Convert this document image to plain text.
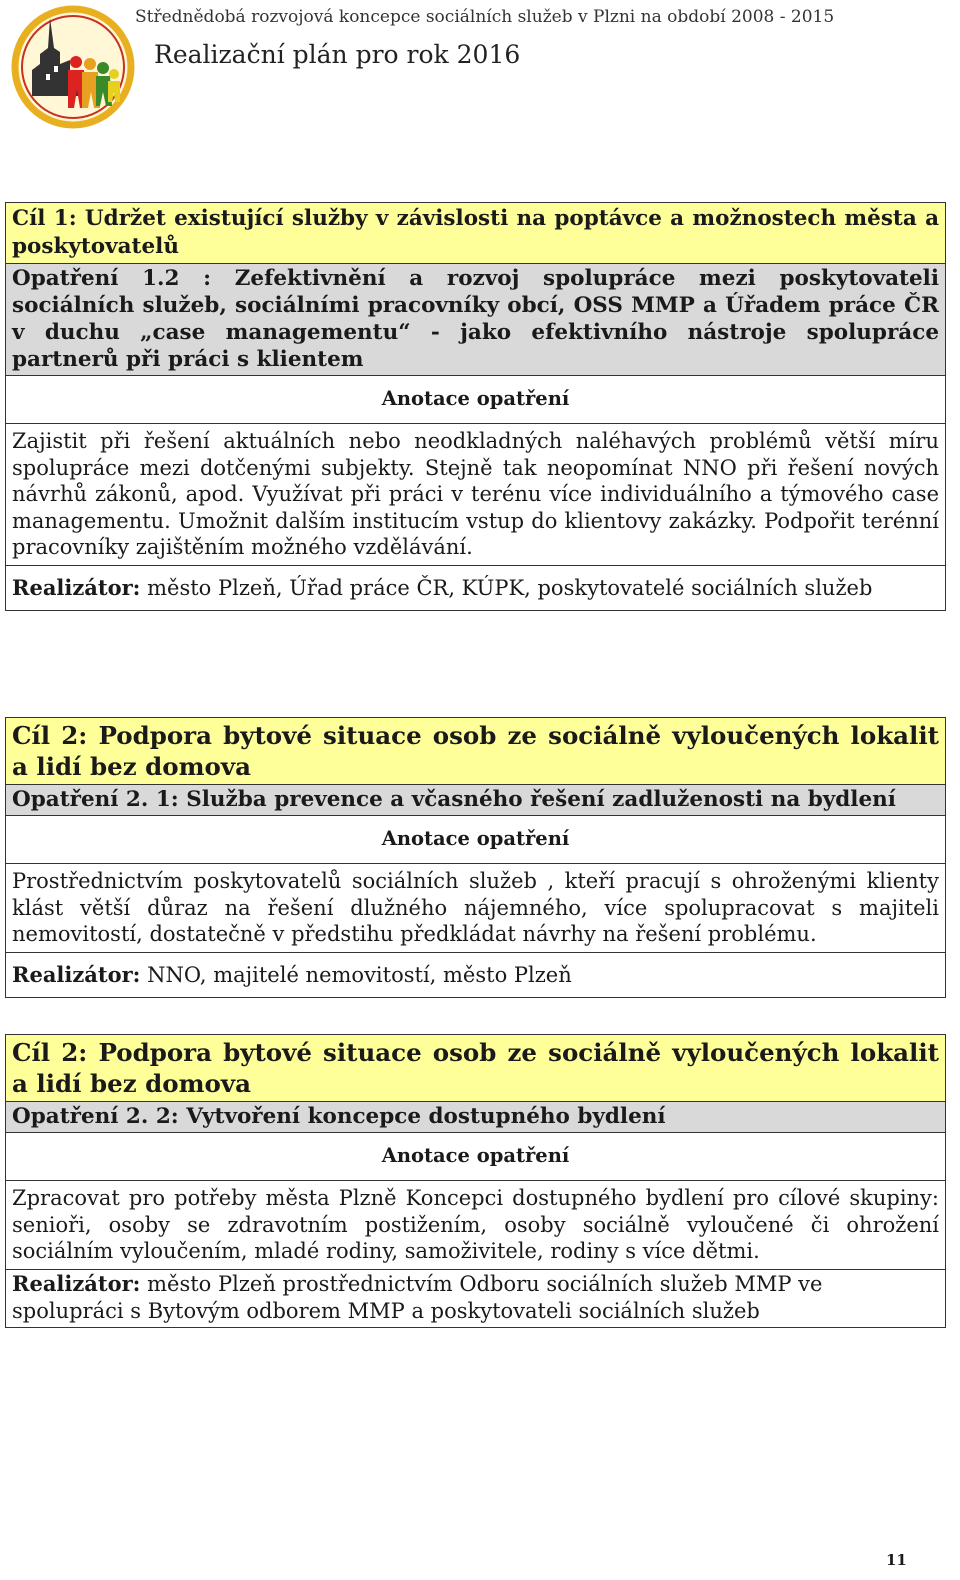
Střednědobá rozvojová koncepce sociálních služeb v Plzni na období 2008 - 2015
Realizační plán pro rok 2016
Cíl 1: Udržet existující služby v závislosti na poptávce a možnostech města a poskytovatelů
Opatření 1.2 : Zefektivnění a rozvoj spolupráce mezi poskytovateli sociálních služeb, sociálními pracovníky obcí, OSS MMP a Úřadem práce ČR v duchu „case managementu“ - jako efektivního nástroje spolupráce partnerů při práci s klientem
Anotace opatření
Zajistit při řešení aktuálních nebo neodkladných naléhavých problémů větší míru spolupráce mezi dotčenými subjekty. Stejně tak neopomínat NNO při řešení nových návrhů zákonů, apod. Využívat při práci v terénu více individuálního a týmového case managementu. Umožnit dalším institucím vstup do klientovy zakázky. Podpořit terénní pracovníky zajištěním možného vzdělávání.
Realizátor: město Plzeň, Úřad práce ČR, KÚPK, poskytovatelé sociálních služeb
Cíl 2: Podpora bytové situace osob ze sociálně vyloučených lokalit a lidí bez domova
Opatření 2. 1: Služba prevence a včasného řešení zadluženosti na bydlení
Anotace opatření
Prostřednictvím poskytovatelů sociálních služeb , kteří pracují s ohroženými klienty klást větší důraz na řešení dlužného nájemného, více spolupracovat s majiteli nemovitostí, dostatečně v předstihu předkládat návrhy na řešení problému.
Realizátor: NNO, majitelé nemovitostí, město Plzeň
Cíl 2: Podpora bytové situace osob ze sociálně vyloučených lokalit a lidí bez domova
Opatření 2. 2: Vytvoření koncepce dostupného bydlení
Anotace opatření
Zpracovat pro potřeby města Plzně Koncepci dostupného bydlení pro cílové skupiny: senioři, osoby se zdravotním postižením, osoby sociálně vyloučené či ohrožení sociálním vyloučením, mladé rodiny, samoživitele, rodiny s více dětmi.
Realizátor: město Plzeň prostřednictvím Odboru sociálních služeb MMP ve spolupráci s Bytovým odborem MMP a poskytovateli sociálních služeb
11
